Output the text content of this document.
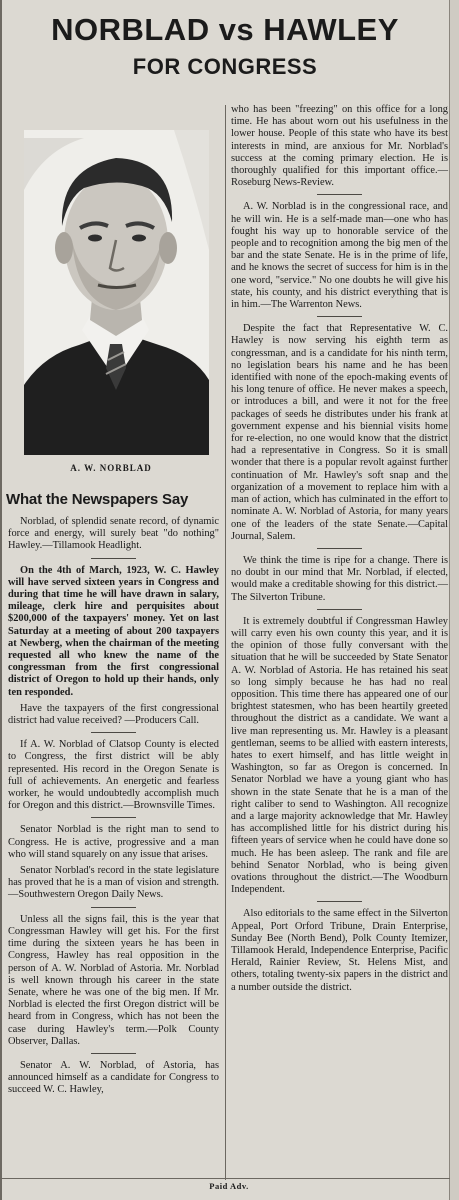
NORBLAD vs HAWLEY
FOR CONGRESS
A. W. NORBLAD
What the Newspapers Say

Norblad, of splendid senate record, of dynamic force and energy, will surely beat "do nothing" Hawley.—Tillamook Headlight.

On the 4th of March, 1923, W. C. Hawley will have served sixteen years in Congress and during that time he will have drawn in salary, mileage, clerk hire and perquisites about $200,000 of the taxpayers' money. Yet on last Saturday at a meeting of about 200 taxpayers at Newberg, when the chairman of the meeting requested all who knew the name of the congressman from the first congressional district of Oregon to hold up their hands, only ten responded.

Have the taxpayers of the first congressional district had value received? —Producers Call.

If A. W. Norblad of Clatsop County is elected to Congress, the first district will be ably represented. His record in the Oregon Senate is full of achievements. An energetic and fearless worker, he would undoubtedly accomplish much for Oregon and this district.—Brownsville Times.

Senator Norblad is the right man to send to Congress. He is active, progressive and a man who will stand squarely on any issue that arises.

Senator Norblad's record in the state legislature has proved that he is a man of vision and strength.—Southwestern Oregon Daily News.

Unless all the signs fail, this is the year that Congressman Hawley will get his. For the first time during the sixteen years he has been in Congress, Hawley has real opposition in the person of A. W. Norblad of Astoria. Mr. Norblad is well known through his career in the state Senate, where he was one of the big men. If Mr. Norblad is elected the first Oregon district will be heard from in Congress, which has not been the case during Hawley's term.—Polk County Observer, Dallas.

Senator A. W. Norblad, of Astoria, has announced himself as a candidate for Congress to succeed W. C. Hawley,

who has been "freezing" on this office for a long time. He has about worn out his usefulness in the lower house. People of this state who have its best interests in mind, are anxious for Mr. Norblad's success at the coming primary election. He is thoroughly qualified for this important office.—Roseburg News-Review.

A. W. Norblad is in the congressional race, and he will win. He is a self-made man—one who has fought his way up to honorable service of the people and to recognition among the big men of the bar and the state Senate. He is in the prime of life, and he knows the secret of success for him is in the one word, "service." No one doubts he will give his state, his county, and his district everything that is in him.—The Warrenton News.

Despite the fact that Representative W. C. Hawley is now serving his eighth term as congressman, and is a candidate for his ninth term, no legislation bears his name and he has been identified with none of the epoch-making events of his long tenure of office. He never makes a speech, or introduces a bill, and were it not for the free packages of seeds he distributes under his frank at government expense and his biennial visits home for re-election, no one would know that the district had a representative in Congress. So it is small wonder that there is a popular revolt against further continuation of Mr. Hawley's soft snap and the organization of a movement to replace him with a man of action, which has culminated in the effort to nominate A. W. Norblad of Astoria, for many years one of the leaders of the state Senate.—Capital Journal, Salem.

We think the time is ripe for a change. There is no doubt in our mind that Mr. Norblad, if elected, would make a creditable showing for this district.—The Silverton Tribune.

It is extremely doubtful if Congressman Hawley will carry even his own county this year, and it is the opinion of those fully conversant with the situation that he will be succeeded by State Senator A. W. Norblad of Astoria. He has retained his seat so long simply because he has had no real opposition. This time there has appeared one of our brightest statesmen, who has been heartily greeted throughout the district as a candidate. We want a live man representing us. Mr. Hawley is a pleasant gentleman, seems to be allied with eastern interests, hates to exert himself, and has little weight in Washington, so far as Oregon is concerned. In Senator Norblad we have a young giant who has shown in the state Senate that he is a man of the right caliber to send to Washington. All recognize and a large majority acknowledge that Mr. Hawley has accomplished little for his district during his fifteen years of service when he could have done so much. He has been asleep. The rank and file are behind Senator Norblad, who is being given ovations throughout the district.—The Woodburn Independent.

Also editorials to the same effect in the Silverton Appeal, Port Orford Tribune, Drain Enterprise, Sunday Bee (North Bend), Polk County Itemizer, Tillamook Herald, Independence Enterprise, Pacific Herald, Rainier Review, St. Helens Mist, and others, totaling twenty-six papers in the district and a number outside the district.

Paid Adv.
